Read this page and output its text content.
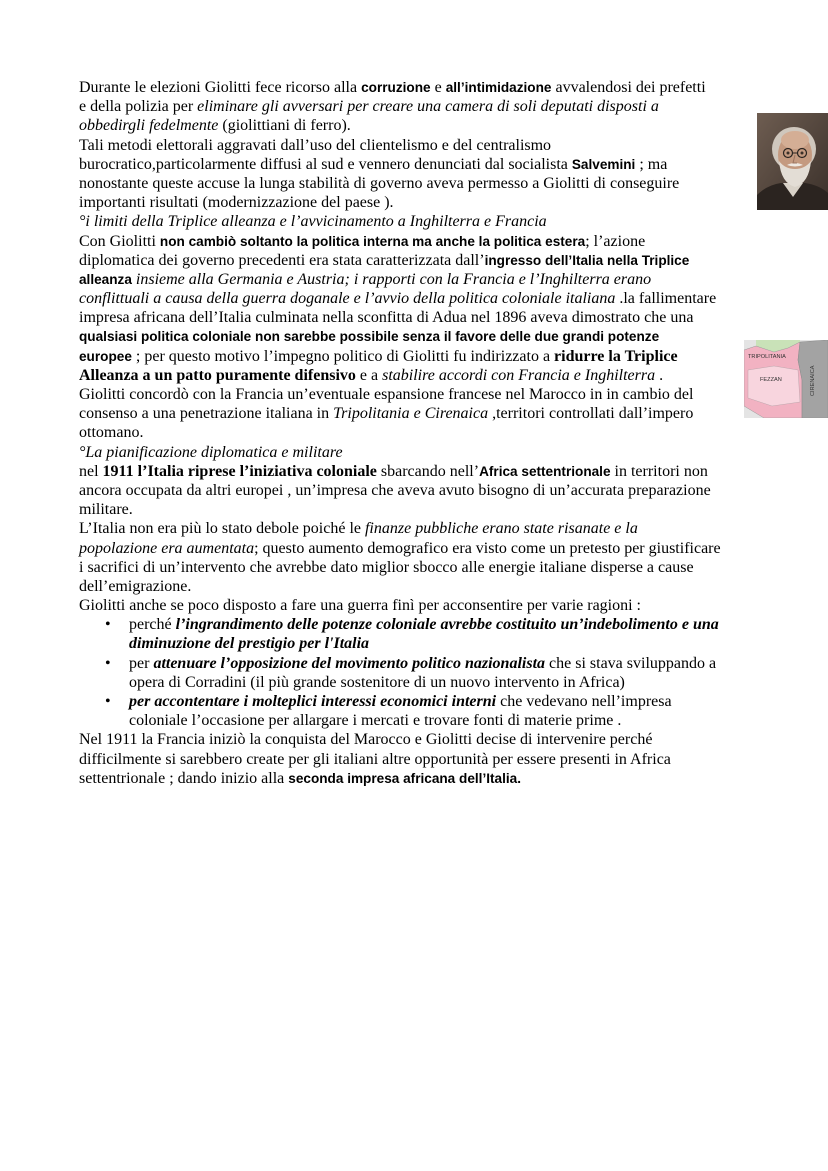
Durante le elezioni Giolitti fece ricorso alla corruzione e all’intimidazione avvalendosi dei prefetti
e della polizia per eliminare gli avversari per creare una camera di soli deputati disposti a
obbedirgli fedelmente (giolittiani di ferro).
Tali metodi elettorali aggravati dall’uso del clientelismo e del centralismo
burocratico,particolarmente diffusi al sud e vennero denunciati dal socialista Salvemini ; ma
nonostante queste accuse la lunga stabilità di governo aveva permesso a Giolitti di conseguire
importanti risultati (modernizzazione del paese ).
°i limiti della Triplice alleanza e l’avvicinamento a Inghilterra e Francia
Con Giolitti non cambiò soltanto la politica interna ma anche la politica estera; l’azione
diplomatica dei governo precedenti era stata caratterizzata dall’ingresso dell’Italia nella Triplice
alleanza insieme alla Germania e Austria; i rapporti con la Francia e l’Inghilterra erano
conflittuali a causa della guerra doganale e l’avvio della politica coloniale italiana .la fallimentare
impresa africana dell’Italia culminata nella sconfitta di Adua nel 1896 aveva dimostrato che una
qualsiasi politica coloniale non sarebbe possibile senza il favore delle due grandi potenze
europee ; per questo motivo l’impegno politico di Giolitti fu indirizzato a ridurre la Triplice
Alleanza a un patto puramente difensivo e a stabilire accordi con Francia e Inghilterra .
Giolitti concordò con la Francia un’eventuale espansione francese nel Marocco in in cambio del
consenso a una penetrazione italiana in Tripolitania e Cirenaica ,territori controllati dall’impero
ottomano.
°La pianificazione diplomatica e militare
nel 1911 l’Italia riprese l’iniziativa coloniale sbarcando nell’Africa settentrionale in territori non
ancora occupata da altri europei , un’impresa che aveva avuto bisogno di un’accurata preparazione
militare.
L’Italia non era più lo stato debole poiché le finanze pubbliche erano state risanate e la
popolazione era aumentata; questo aumento demografico era visto come un pretesto per giustificare
i sacrifici di un’intervento che avrebbe dato miglior sbocco alle energie italiane disperse a cause
dell’emigrazione.
Giolitti anche se poco disposto a fare una guerra finì per acconsentire per varie ragioni :
• perché l’ingrandimento delle potenze coloniale avrebbe costituito un’indebolimento e una
diminuzione del prestigio per l'Italia
• per attenuare l’opposizione del movimento politico nazionalista che si stava sviluppando a
opera di Corradini (il più grande sostenitore di un nuovo intervento in Africa)
• per accontentare i molteplici interessi economici interni che vedevano nell’impresa
coloniale l’occasione per allargare i mercati e trovare fonti di materie prime .
Nel 1911 la Francia iniziò la conquista del Marocco e Giolitti decise di intervenire perché
difficilmente si sarebbero create per gli italiani altre opportunità per essere presenti in Africa
settentrionale ; dando inizio alla seconda impresa africana dell’Italia.
TRIPOLITANIA
FEZZAN	CIRENAICA
